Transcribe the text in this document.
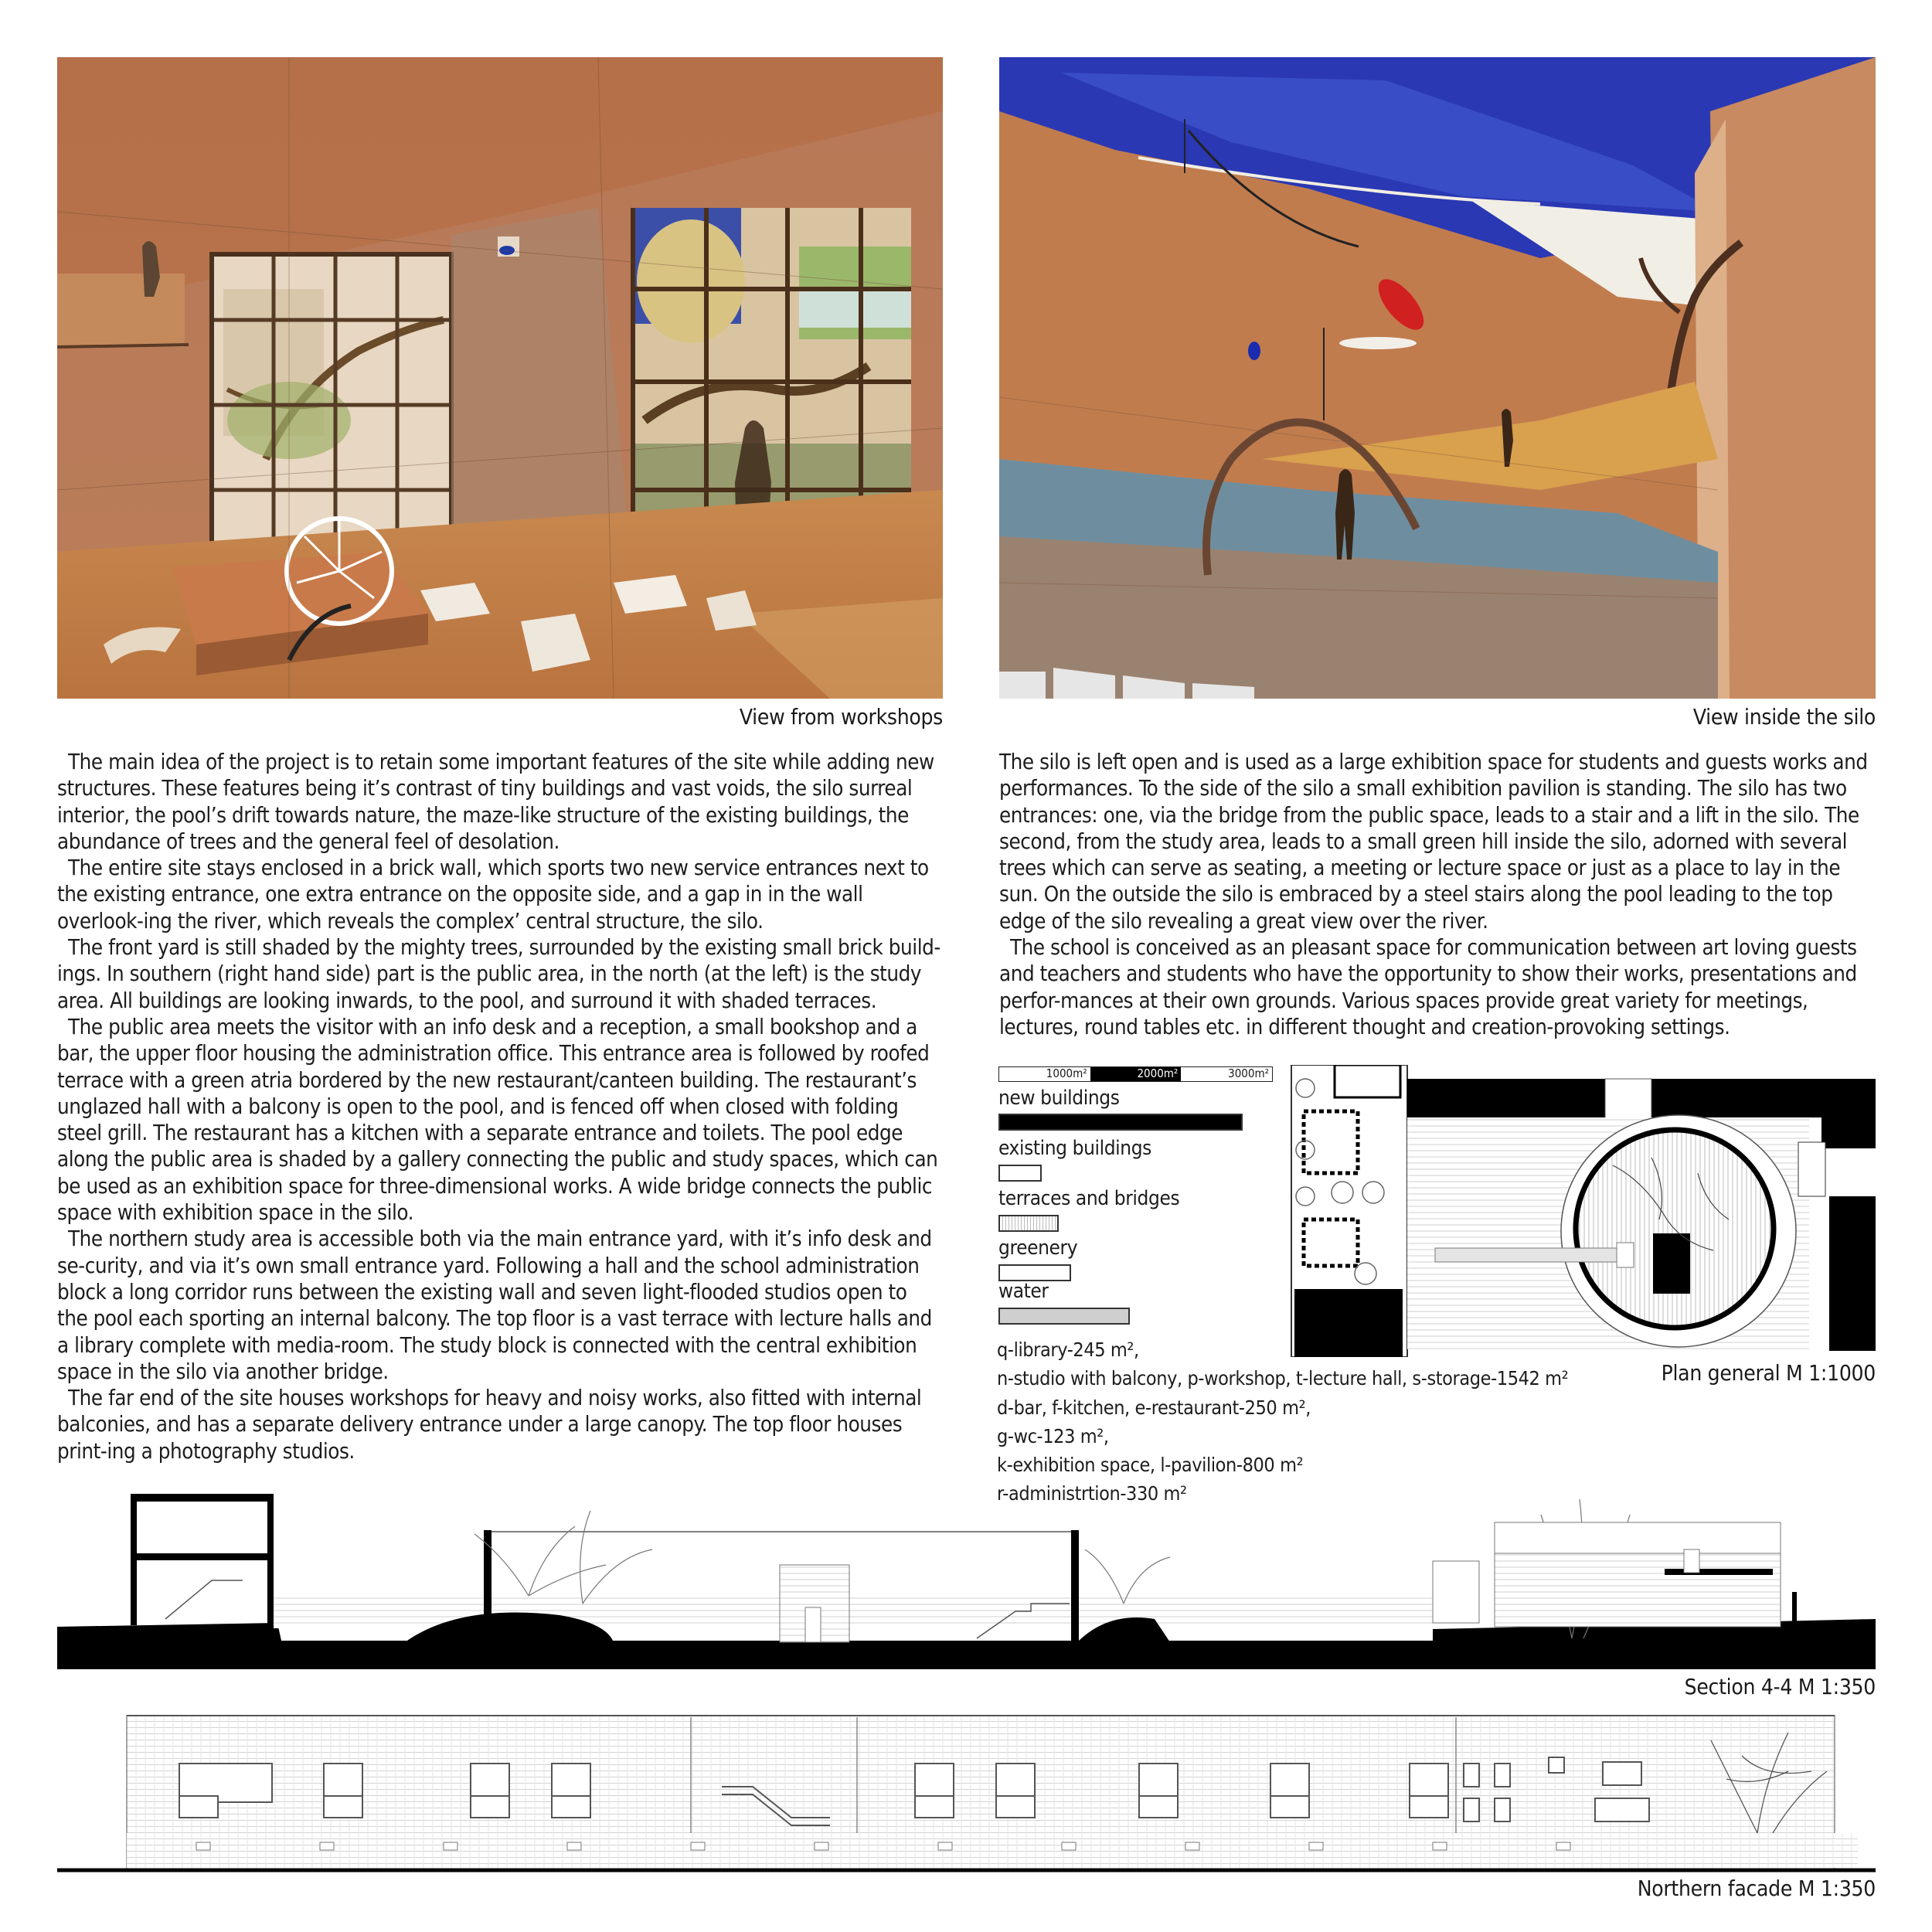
View from workshops	View inside the silo

The main idea of the project is to retain some important features of the site while adding new structures. These features being it’s contrast of tiny buildings and vast voids, the silo surreal interior, the pool’s drift towards nature, the maze-like structure of the existing buildings, the abundance of trees and the general feel of desolation.

The entire site stays enclosed in a brick wall, which sports two new service entrances next to the existing entrance, one extra entrance on the opposite side, and a gap in in the wall overlook-ing the river, which reveals the complex’ central structure, the silo.

The front yard is still shaded by the mighty trees, surrounded by the existing small brick build-ings. In southern (right hand side) part is the public area, in the north (at the left) is the study area. All buildings are looking inwards, to the pool, and surround it with shaded terraces.

The public area meets the visitor with an info desk and a reception, a small bookshop and a bar, the upper floor housing the administration office. This entrance area is followed by roofed terrace with a green atria bordered by the new restaurant/canteen building. The restaurant’s unglazed hall with a balcony is open to the pool, and is fenced off when closed with folding steel grill. The restaurant has a kitchen with a separate entrance and toilets. The pool edge along the public area is shaded by a gallery connecting the public and study spaces, which can be used as an exhibition space for three-dimensional works. A wide bridge connects the public space with exhibition space in the silo.

The northern study area is accessible both via the main entrance yard, with it’s info desk and se-curity, and via it’s own small entrance yard. Following a hall and the school administration block a long corridor runs between the existing wall and seven light-flooded studios open to the pool each sporting an internal balcony. The top floor is a vast terrace with lecture halls and a library complete with media-room. The study block is connected with the central exhibition space in the silo via another bridge.

The far end of the site houses workshops for heavy and noisy works, also fitted with internal balconies, and has a separate delivery entrance under a large canopy. The top floor houses print-ing a photography studios.

The silo is left open and is used as a large exhibition space for students and guests works and performances. To the side of the silo a small exhibition pavilion is standing. The silo has two entrances: one, via the bridge from the public space, leads to a stair and a lift in the silo. The second, from the study area, leads to a small green hill inside the silo, adorned with several trees which can serve as seating, a meeting or lecture space or just as a place to lay in the sun. On the outside the silo is embraced by a steel stairs along the pool leading to the top edge of the silo revealing a great view over the river.

The school is conceived as an pleasant space for communication between art loving guests and teachers and students who have the opportunity to show their works, presentations and perfor-mances at their own grounds. Various spaces provide great variety for meetings, lectures, round tables etc. in different thought and creation-provoking settings.

1000m²	2000m²	3000m²
new buildings
existing buildings
terraces and bridges
greenery
water
q-library-245 m²,
n-studio with balcony, p-workshop, t-lecture hall, s-storage-1542 m²
d-bar, f-kitchen, e-restaurant-250 m²,
g-wc-123 m²,
k-exhibition space, l-pavilion-800 m²
r-administrtion-330 m²
Plan general M 1:1000
Section 4-4 M 1:350
Northern facade M 1:350
